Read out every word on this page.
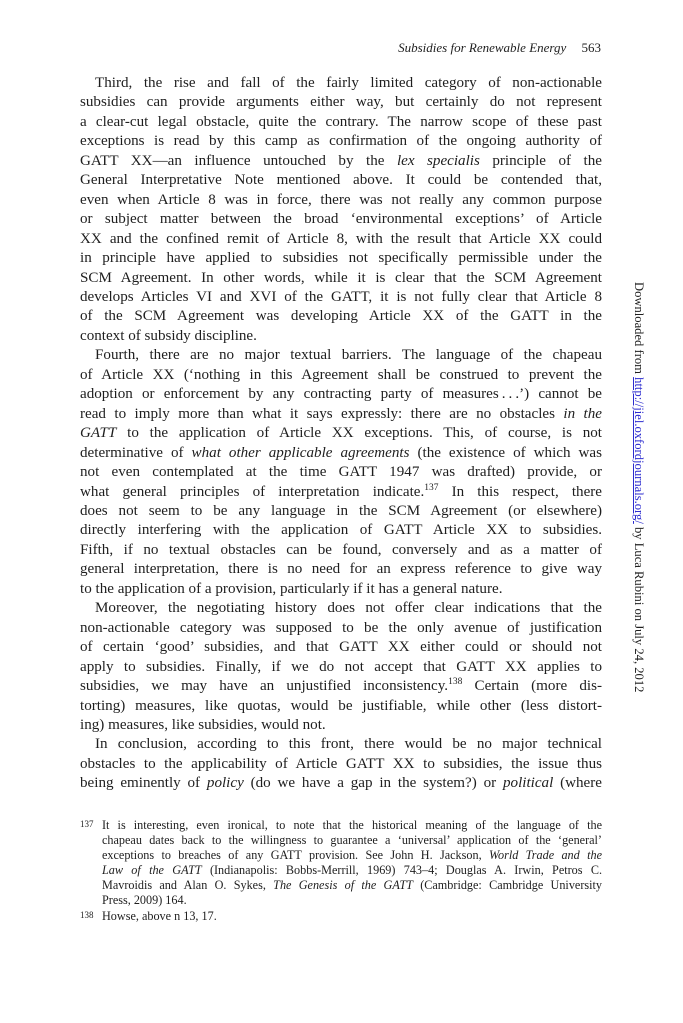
Subsidies for Renewable Energy 563
Third, the rise and fall of the fairly limited category of non-actionable
subsidies can provide arguments either way, but certainly do not represent
a clear-cut legal obstacle, quite the contrary. The narrow scope of these past
exceptions is read by this camp as confirmation of the ongoing authority of
GATT XX—an influence untouched by the lex specialis principle of the
General Interpretative Note mentioned above. It could be contended that,
even when Article 8 was in force, there was not really any common purpose
or subject matter between the broad ‘environmental exceptions’ of Article
XX and the confined remit of Article 8, with the result that Article XX could
in principle have applied to subsidies not specifically permissible under the
SCM Agreement. In other words, while it is clear that the SCM Agreement
develops Articles VI and XVI of the GATT, it is not fully clear that Article 8
of the SCM Agreement was developing Article XX of the GATT in the
context of subsidy discipline.
Fourth, there are no major textual barriers. The language of the chapeau
of Article XX (‘nothing in this Agreement shall be construed to prevent the
adoption or enforcement by any contracting party of measures . . .’) cannot be
read to imply more than what it says expressly: there are no obstacles in the
GATT to the application of Article XX exceptions. This, of course, is not
determinative of what other applicable agreements (the existence of which was
not even contemplated at the time GATT 1947 was drafted) provide, or
what general principles of interpretation indicate.$^{137}$ In this respect, there
does not seem to be any language in the SCM Agreement (or elsewhere)
directly interfering with the application of GATT Article XX to subsidies.
Fifth, if no textual obstacles can be found, conversely and as a matter of
general interpretation, there is no need for an express reference to give way
to the application of a provision, particularly if it has a general nature.
Moreover, the negotiating history does not offer clear indications that the
non-actionable category was supposed to be the only avenue of justification
of certain ‘good’ subsidies, and that GATT XX either could or should not
apply to subsidies. Finally, if we do not accept that GATT XX applies to
subsidies, we may have an unjustified inconsistency.$^{138}$ Certain (more dis-
torting) measures, like quotas, would be justifiable, while other (less distort-
ing) measures, like subsidies, would not.
In conclusion, according to this front, there would be no major technical
obstacles to the applicability of Article GATT XX to subsidies, the issue thus
being eminently of policy (do we have a gap in the system?) or political (where
137 It is interesting, even ironical, to note that the historical meaning of the language of the
chapeau dates back to the willingness to guarantee a ‘universal’ application of the ‘general’
exceptions to breaches of any GATT provision. See John H. Jackson, World Trade and the
Law of the GATT (Indianapolis: Bobbs-Merrill, 1969) 743–4; Douglas A. Irwin, Petros C.
Mavroidis and Alan O. Sykes, The Genesis of the GATT (Cambridge: Cambridge University
Press, 2009) 164.
138 Howse, above n 13, 17.
Downloaded from http://jiel.oxfordjournals.org/ by Luca Rubini on July 24, 2012
